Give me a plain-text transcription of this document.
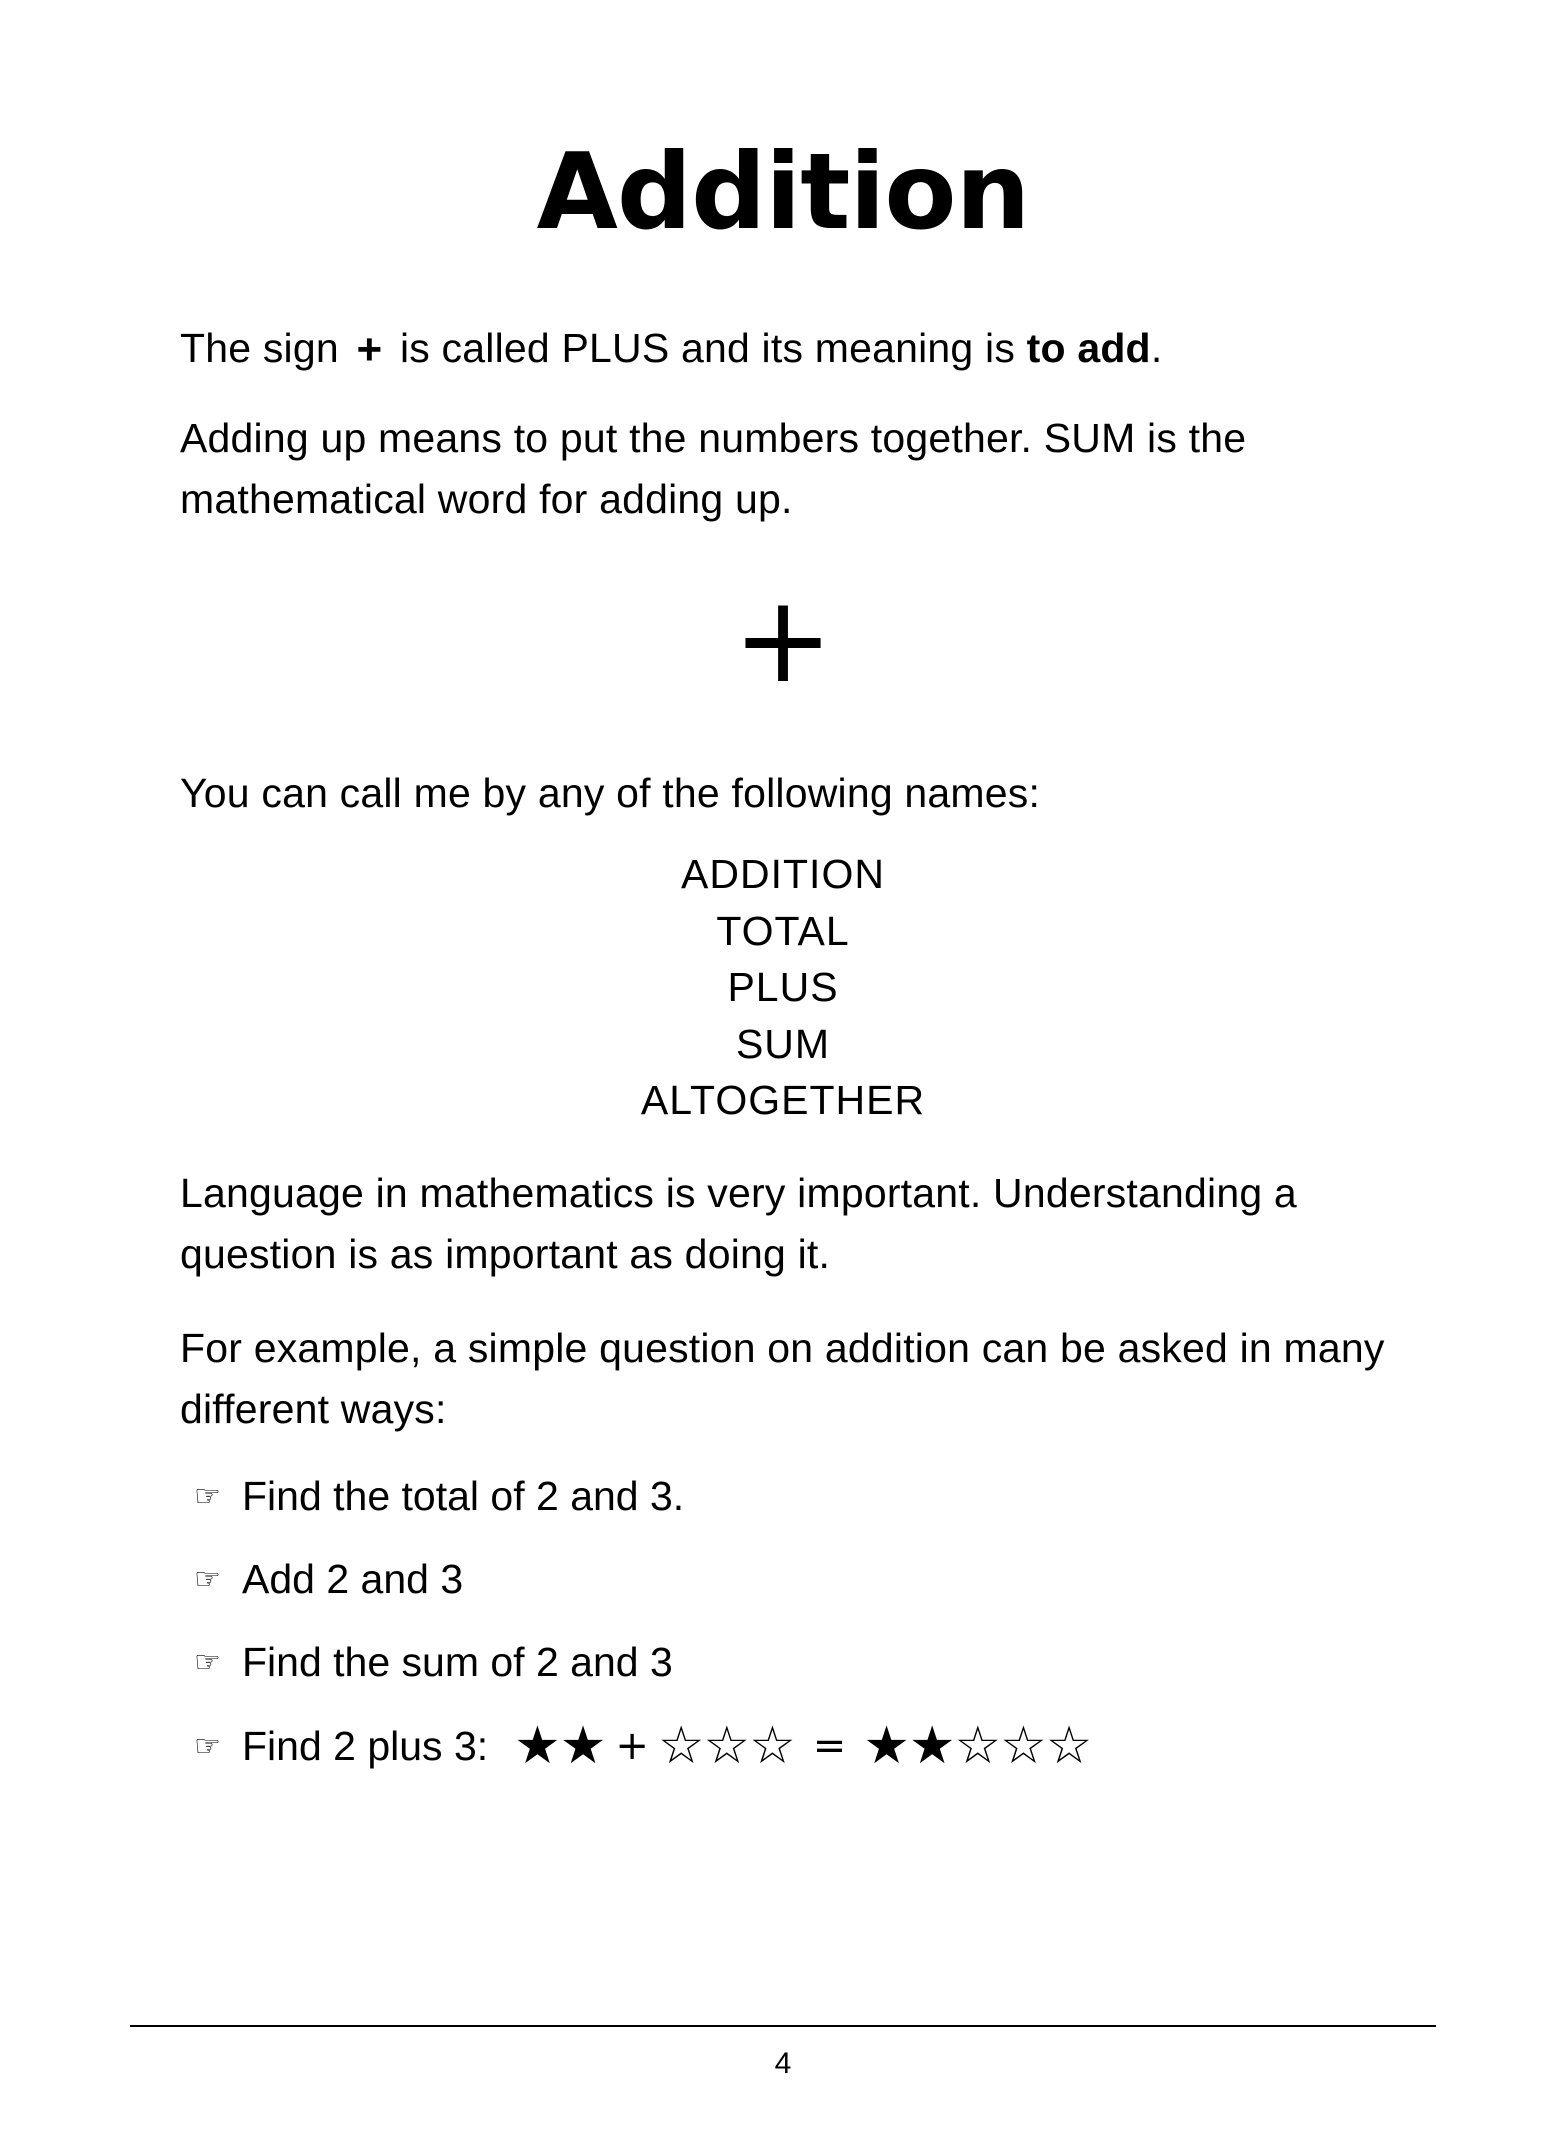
Addition

The sign + is called PLUS and its meaning is to add.

Adding up means to put the numbers together. SUM is the mathematical word for adding up.

+

You can call me by any of the following names:

ADDITION
TOTAL
PLUS
SUM
ALTOGETHER

Language in mathematics is very important. Understanding a question is as important as doing it.

For example, a simple question on addition can be asked in many different ways:

☞ Find the total of 2 and 3.
☞ Add 2 and 3
☞ Find the sum of 2 and 3
☞ Find 2 plus 3: ★★ + ☆☆☆ = ★★☆☆☆
4
